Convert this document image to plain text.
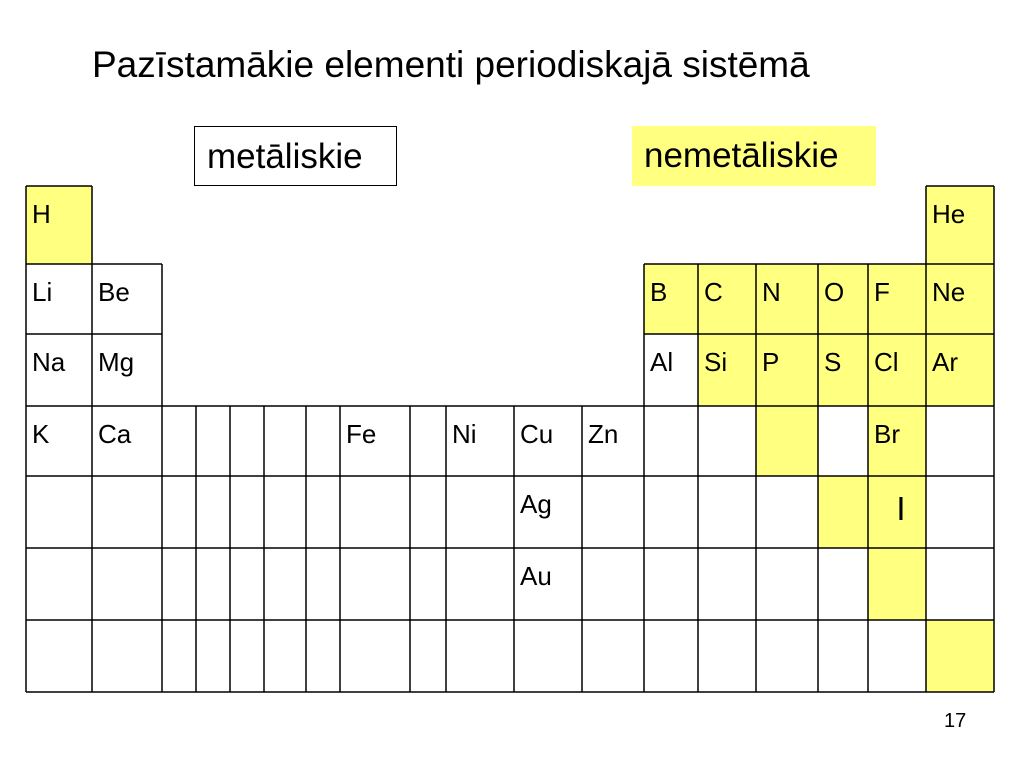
Pazīstamākie elementi periodiskajā sistēmā
metāliskie	nemetāliskie
H	He
Li Be	B C N O F Ne
Na Mg	Al Si P S Cl Ar
K Ca	Fe	Ni Cu Zn	Br
Ag	I
Au
17
